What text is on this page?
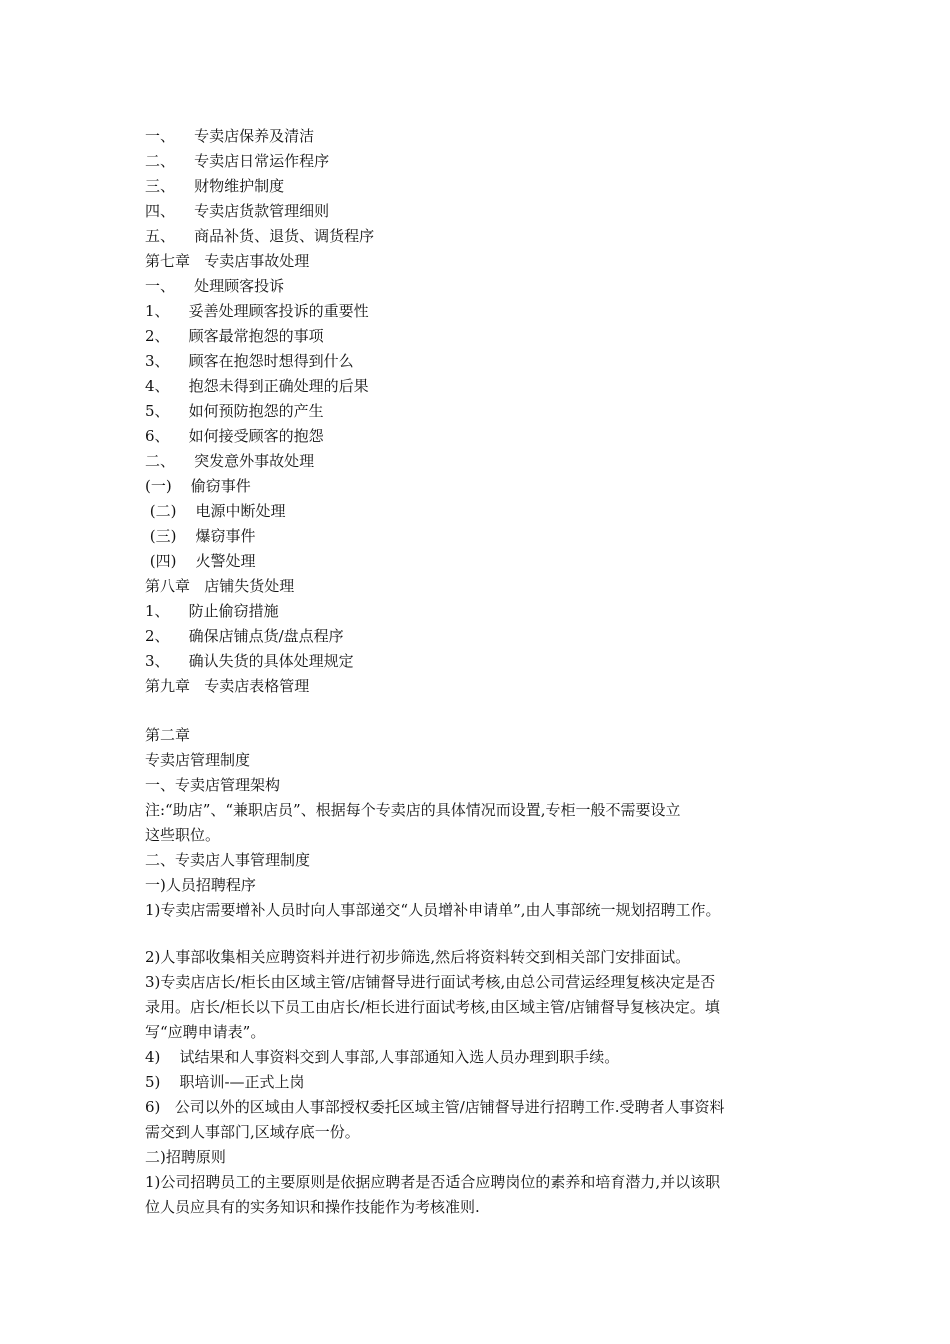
一、    专卖店保养及清洁

二、    专卖店日常运作程序

三、    财物维护制度

四、    专卖店货款管理细则

五、    商品补货、退货、调货程序

第七章   专卖店事故处理

一、    处理顾客投诉

1、    妥善处理顾客投诉的重要性

2、    顾客最常抱怨的事项

3、    顾客在抱怨时想得到什么

4、    抱怨未得到正确处理的后果

5、    如何预防抱怨的产生

6、    如何接受顾客的抱怨

二、    突发意外事故处理

(一)    偷窃事件

(二)    电源中断处理

(三)    爆窃事件

(四)    火警处理

第八章   店铺失货处理

1、    防止偷窃措施

2、    确保店铺点货/盘点程序

3、    确认失货的具体处理规定

第九章   专卖店表格管理

第二章

专卖店管理制度

一、专卖店管理架构

注:“助店”、“兼职店员”、根据每个专卖店的具体情况而设置,专柜一般不需要设立

这些职位。

二、专卖店人事管理制度

一)人员招聘程序

1)专卖店需要增补人员时向人事部递交“人员增补申请单”,由人事部统一规划招聘工作。

2)人事部收集相关应聘资料并进行初步筛选,然后将资料转交到相关部门安排面试。

3)专卖店店长/柜长由区域主管/店铺督导进行面试考核,由总公司营运经理复核决定是否

录用。店长/柜长以下员工由店长/柜长进行面试考核,由区域主管/店铺督导复核决定。填

写“应聘申请表”。

4)    试结果和人事资料交到人事部,人事部通知入选人员办理到职手续。

5)    职培训-—正式上岗

6)   公司以外的区域由人事部授权委托区域主管/店铺督导进行招聘工作.受聘者人事资料

需交到人事部门,区域存底一份。

二)招聘原则

1)公司招聘员工的主要原则是依据应聘者是否适合应聘岗位的素养和培育潜力,并以该职

位人员应具有的实务知识和操作技能作为考核准则.
